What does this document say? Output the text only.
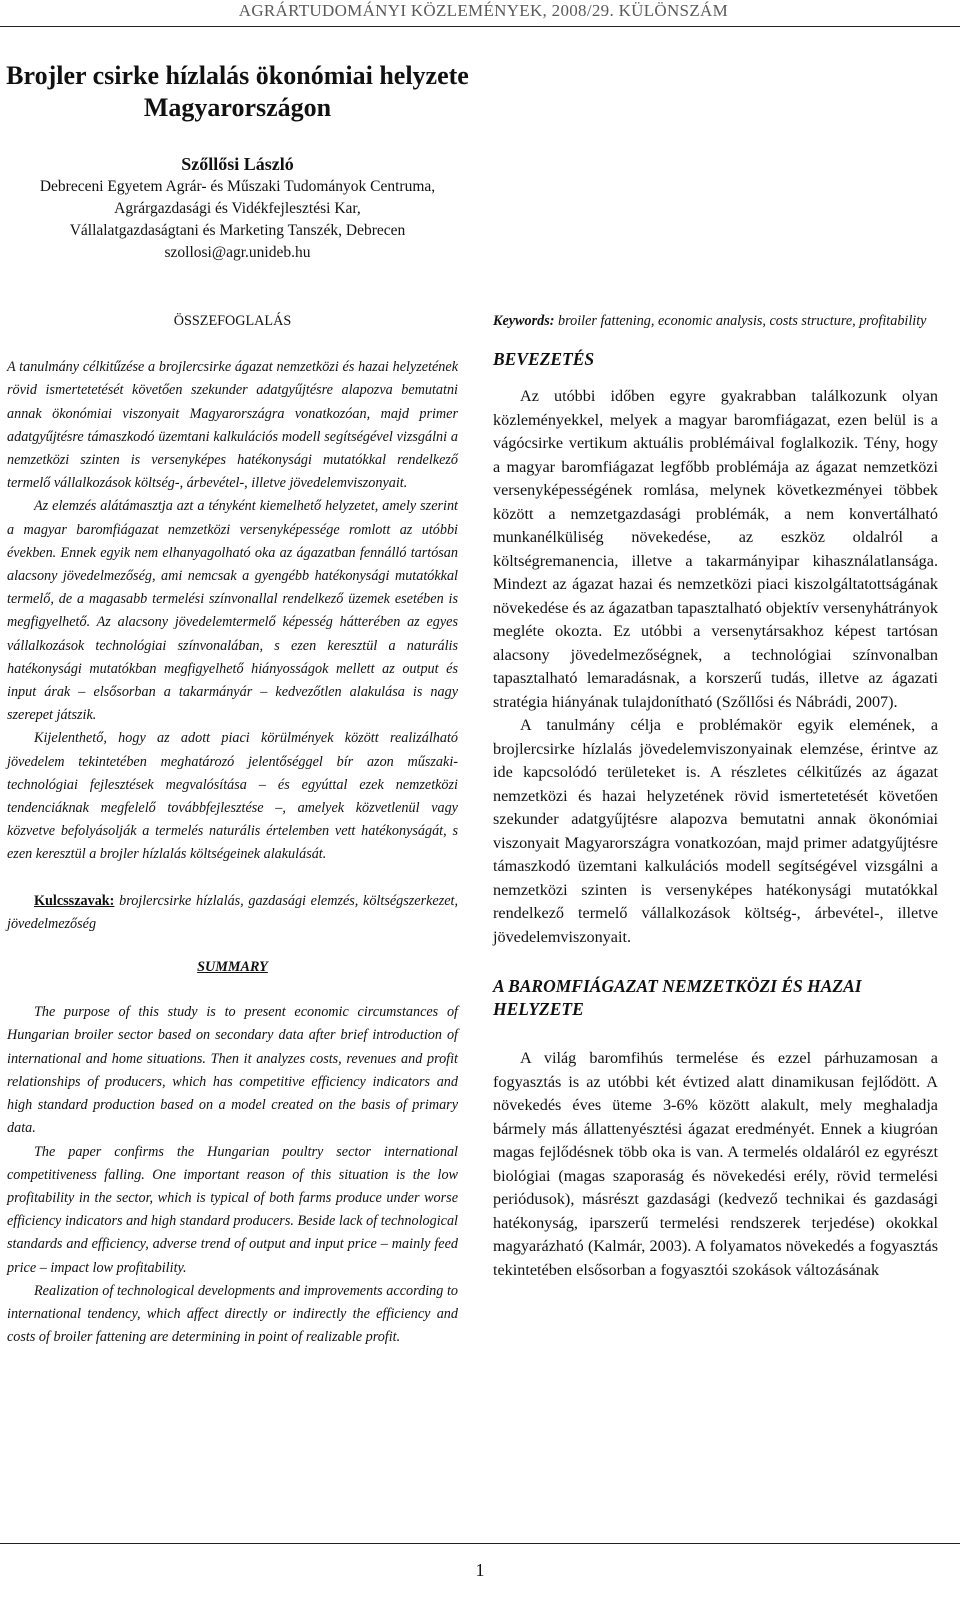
AGRÁRTUDOMÁNYI KÖZLEMÉNYEK, 2008/29. KÜLÖNSZÁM
Brojler csirke hízlalás ökonómiai helyzete
Magyarországon
Szőllősi László
Debreceni Egyetem Agrár- és Műszaki Tudományok Centruma,
Agrárgazdasági és Vidékfejlesztési Kar,
Vállalatgazdaságtani és Marketing Tanszék, Debrecen
szollosi@agr.unideb.hu

ÖSSZEFOGLALÁS

A tanulmány célkitűzése a brojlercsirke ágazat nemzetközi és hazai helyzetének rövid ismertetetését követően szekunder adatgyűjtésre alapozva bemutatni annak ökonómiai viszonyait Magyarországra vonatkozóan, majd primer adatgyűjtésre támaszkodó üzemtani kalkulációs modell segítségével vizsgálni a nemzetközi szinten is versenyképes hatékonysági mutatókkal rendelkező termelő vállalkozások költség-, árbevétel-, illetve jövedelemviszonyait.

Az elemzés alátámasztja azt a tényként kiemelhető helyzetet, amely szerint a magyar baromfiágazat nemzetközi versenyképessége romlott az utóbbi években. Ennek egyik nem elhanyagolható oka az ágazatban fennálló tartósan alacsony jövedelmezőség, ami nemcsak a gyengébb hatékonysági mutatókkal termelő, de a magasabb termelési színvonallal rendelkező üzemek esetében is megfigyelhető. Az alacsony jövedelemtermelő képesség hátterében az egyes vállalkozások technológiai színvonalában, s ezen keresztül a naturális hatékonysági mutatókban megfigyelhető hiányosságok mellett az output és input árak – elsősorban a takarmányár – kedvezőtlen alakulása is nagy szerepet játszik.

Kijelenthető, hogy az adott piaci körülmények között realizálható jövedelem tekintetében meghatározó jelentőséggel bír azon műszaki-technológiai fejlesztések megvalósítása – és egyúttal ezek nemzetközi tendenciáknak megfelelő továbbfejlesztése –, amelyek közvetlenül vagy közvetve befolyásolják a termelés naturális értelemben vett hatékonyságát, s ezen keresztül a brojler hízlalás költségeinek alakulását.

Kulcsszavak: brojlercsirke hízlalás, gazdasági elemzés, költségszerkezet, jövedelmezőség

SUMMARY

The purpose of this study is to present economic circumstances of Hungarian broiler sector based on secondary data after brief introduction of international and home situations. Then it analyzes costs, revenues and profit relationships of producers, which has competitive efficiency indicators and high standard production based on a model created on the basis of primary data.

The paper confirms the Hungarian poultry sector international competitiveness falling. One important reason of this situation is the low profitability in the sector, which is typical of both farms produce under worse efficiency indicators and high standard producers. Beside lack of technological standards and efficiency, adverse trend of output and input price – mainly feed price – impact low profitability.

Realization of technological developments and improvements according to international tendency, which affect directly or indirectly the efficiency and costs of broiler fattening are determining in point of realizable profit.

Keywords: broiler fattening, economic analysis, costs structure, profitability

BEVEZETÉS

Az utóbbi időben egyre gyakrabban találkozunk olyan közleményekkel, melyek a magyar baromfiágazat, ezen belül is a vágócsirke vertikum aktuális problémáival foglalkozik. Tény, hogy a magyar baromfiágazat legfőbb problémája az ágazat nemzetközi versenyképességének romlása, melynek következményei többek között a nemzetgazdasági problémák, a nem konvertálható munkanélküliség növekedése, az eszköz oldalról a költségremanencia, illetve a takarmányipar kihasználatlansága. Mindezt az ágazat hazai és nemzetközi piaci kiszolgáltatottságának növekedése és az ágazatban tapasztalható objektív versenyhátrányok megléte okozta. Ez utóbbi a versenytársakhoz képest tartósan alacsony jövedelmezőségnek, a technológiai színvonalban tapasztalható lemaradásnak, a korszerű tudás, illetve az ágazati stratégia hiányának tulajdonítható (Szőllősi és Nábrádi, 2007).

A tanulmány célja e problémakör egyik elemének, a brojlercsirke hízlalás jövedelemviszonyainak elemzése, érintve az ide kapcsolódó területeket is. A részletes célkitűzés az ágazat nemzetközi és hazai helyzetének rövid ismertetetését követően szekunder adatgyűjtésre alapozva bemutatni annak ökonómiai viszonyait Magyarországra vonatkozóan, majd primer adatgyűjtésre támaszkodó üzemtani kalkulációs modell segítségével vizsgálni a nemzetközi szinten is versenyképes hatékonysági mutatókkal rendelkező termelő vállalkozások költség-, árbevétel-, illetve jövedelemviszonyait.

A BAROMFIÁGAZAT NEMZETKÖZI ÉS HAZAI HELYZETE

A világ baromfihús termelése és ezzel párhuzamosan a fogyasztás is az utóbbi két évtized alatt dinamikusan fejlődött. A növekedés éves üteme 3-6% között alakult, mely meghaladja bármely más állattenyésztési ágazat eredményét. Ennek a kiugróan magas fejlődésnek több oka is van. A termelés oldaláról ez egyrészt biológiai (magas szaporaság és növekedési erély, rövid termelési periódusok), másrészt gazdasági (kedvező technikai és gazdasági hatékonyság, iparszerű termelési rendszerek terjedése) okokkal magyarázható (Kalmár, 2003). A folyamatos növekedés a fogyasztás tekintetében elsősorban a fogyasztói szokások változásának

1
